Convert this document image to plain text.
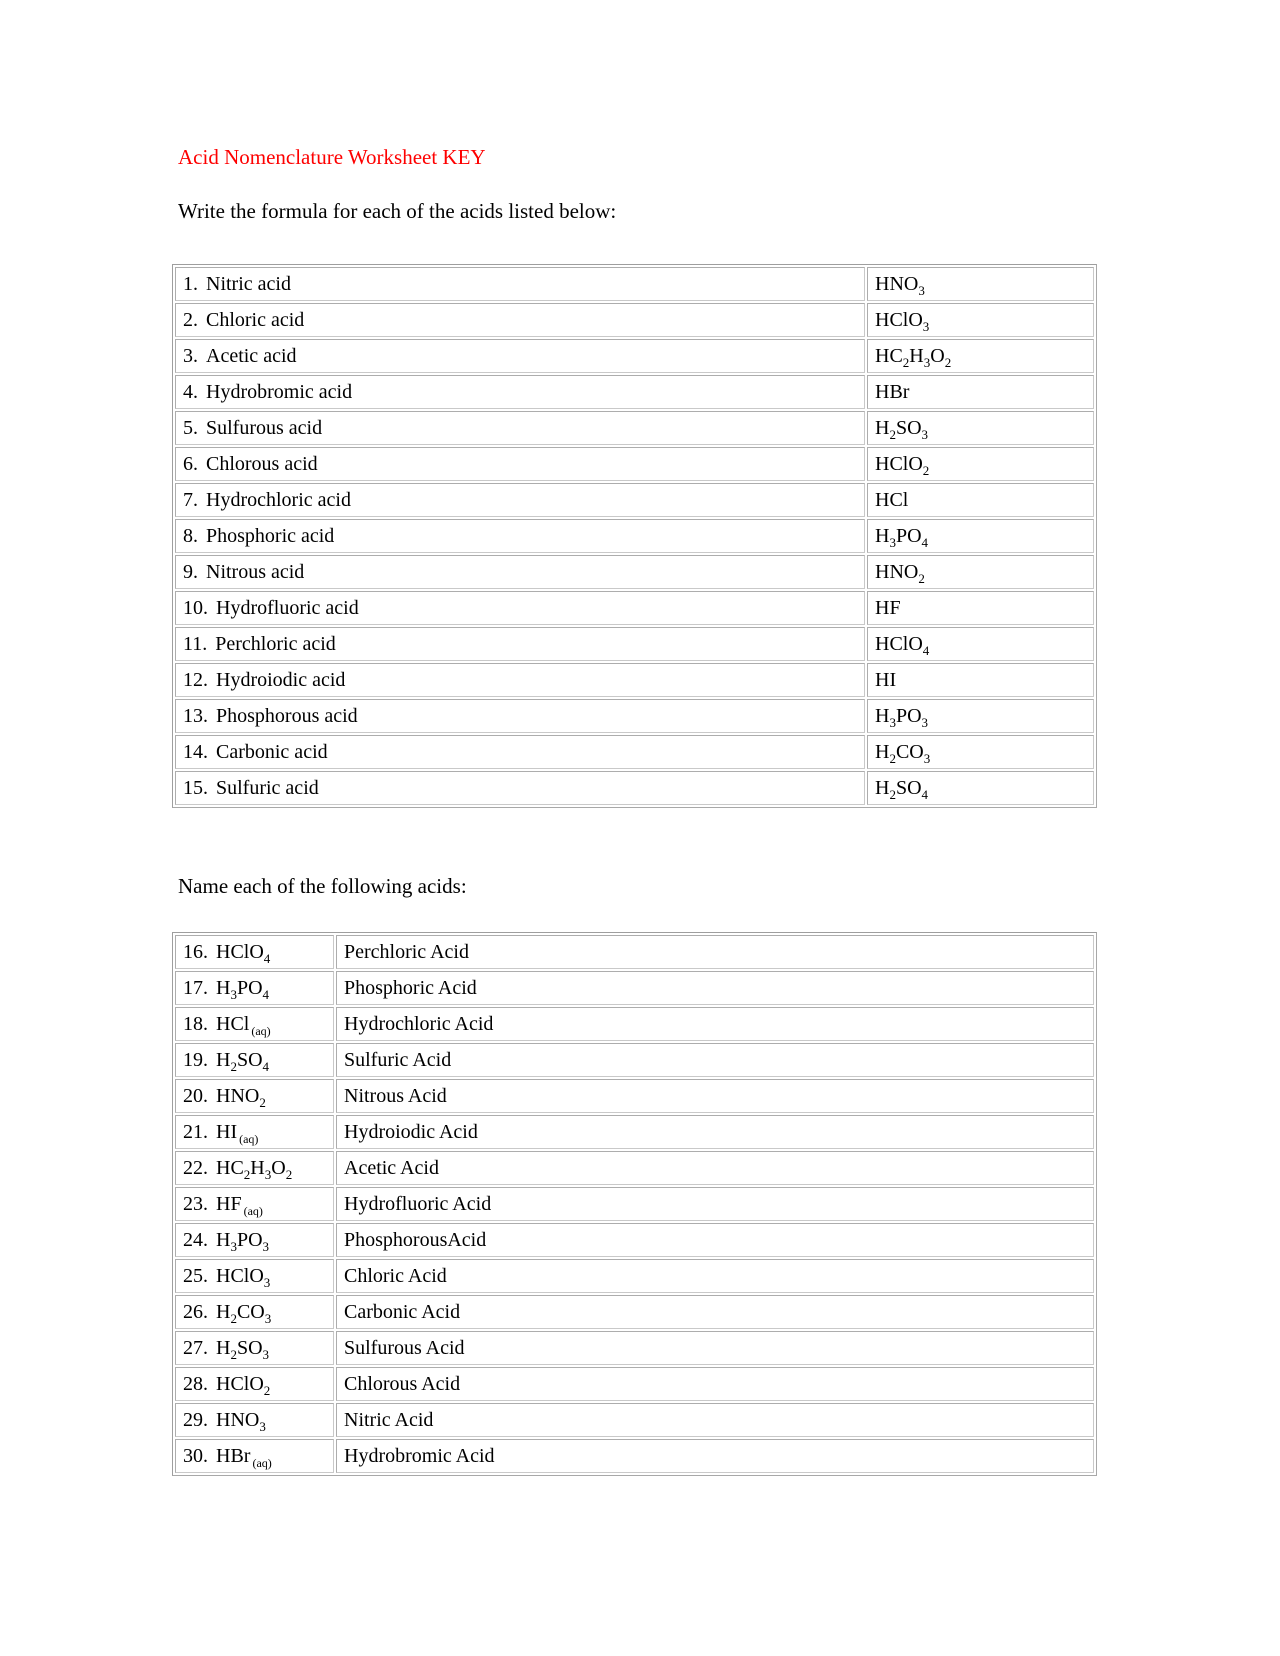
Acid Nomenclature Worksheet KEY
Write the formula for each of the acids listed below:
1. Nitric acid	$HNO_3$
2. Chloric acid	HClO$_3$
3. Acetic acid	$HC_2H_3O_2$
4. Hydrobromic acid	HBr
5. Sulfurous acid	$H_2SO_3$
6. Chlorous acid	HClO$_2$
7. Hydrochloric acid	HCl
8. Phosphoric acid	$H_3PO_4$
9. Nitrous acid	$HNO_2$
10. Hydrofluoric acid	HF
11. Perchloric acid	HClO$_4$
12. Hydroiodic acid	HI
13. Phosphorous acid	$H_3PO_3$
14. Carbonic acid	$H_2CO_3$
15. Sulfuric acid	$H_2SO_4$
Name each of the following acids:
16. HClO$_4$	Perchloric Acid
17. $H_3PO_4$	Phosphoric Acid
18. HCl $_{(aq)}$	Hydrochloric Acid
19. $H_2SO_4$	Sulfuric Acid
20. $HNO_2$	Nitrous Acid
21. HI $_{(aq)}$	Hydroiodic Acid
22. $HC_2H_3O_2$	Acetic Acid
23. HF $_{(aq)}$	Hydrofluoric Acid
24. $H_3PO_3$	PhosphorousAcid
25. HClO$_3$	Chloric Acid
26. $H_2CO_3$	Carbonic Acid
27. $H_2SO_3$	Sulfurous Acid
28. HClO$_2$	Chlorous Acid
29. $HNO_3$	Nitric Acid
30. HBr $_{(aq)}$	Hydrobromic Acid
